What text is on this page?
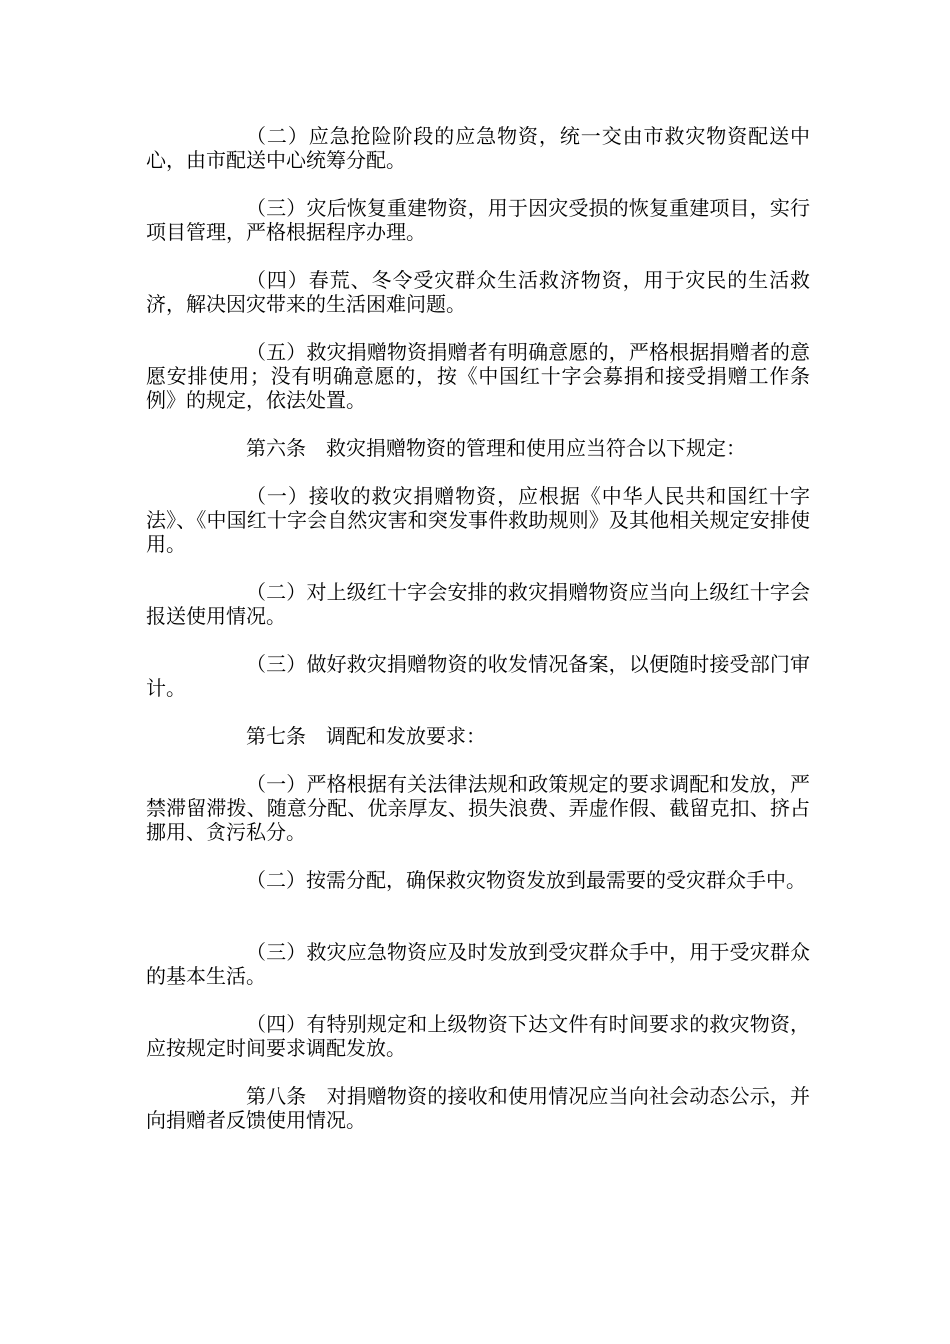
（二）应急抢险阶段的应急物资，统一交由市救灾物资配送中心，由市配送中心统筹分配。

（三）灾后恢复重建物资，用于因灾受损的恢复重建项目，实行项目管理，严格根据程序办理。

（四）春荒、冬令受灾群众生活救济物资，用于灾民的生活救济，解决因灾带来的生活困难问题。

（五）救灾捐赠物资捐赠者有明确意愿的，严格根据捐赠者的意愿安排使用；没有明确意愿的，按《中国红十字会募捐和接受捐赠工作条例》的规定，依法处置。

第六条　救灾捐赠物资的管理和使用应当符合以下规定：

（一）接收的救灾捐赠物资，应根据《中华人民共和国红十字法》、《中国红十字会自然灾害和突发事件救助规则》及其他相关规定安排使用。

（二）对上级红十字会安排的救灾捐赠物资应当向上级红十字会报送使用情况。

（三）做好救灾捐赠物资的收发情况备案，以便随时接受部门审计。

第七条　调配和发放要求：

（一）严格根据有关法律法规和政策规定的要求调配和发放，严禁滞留滞拨、随意分配、优亲厚友、损失浪费、弄虚作假、截留克扣、挤占挪用、贪污私分。

（二）按需分配，确保救灾物资发放到最需要的受灾群众手中。

（三）救灾应急物资应及时发放到受灾群众手中，用于受灾群众的基本生活。

（四）有特别规定和上级物资下达文件有时间要求的救灾物资，应按规定时间要求调配发放。

第八条　对捐赠物资的接收和使用情况应当向社会动态公示，并向捐赠者反馈使用情况。
